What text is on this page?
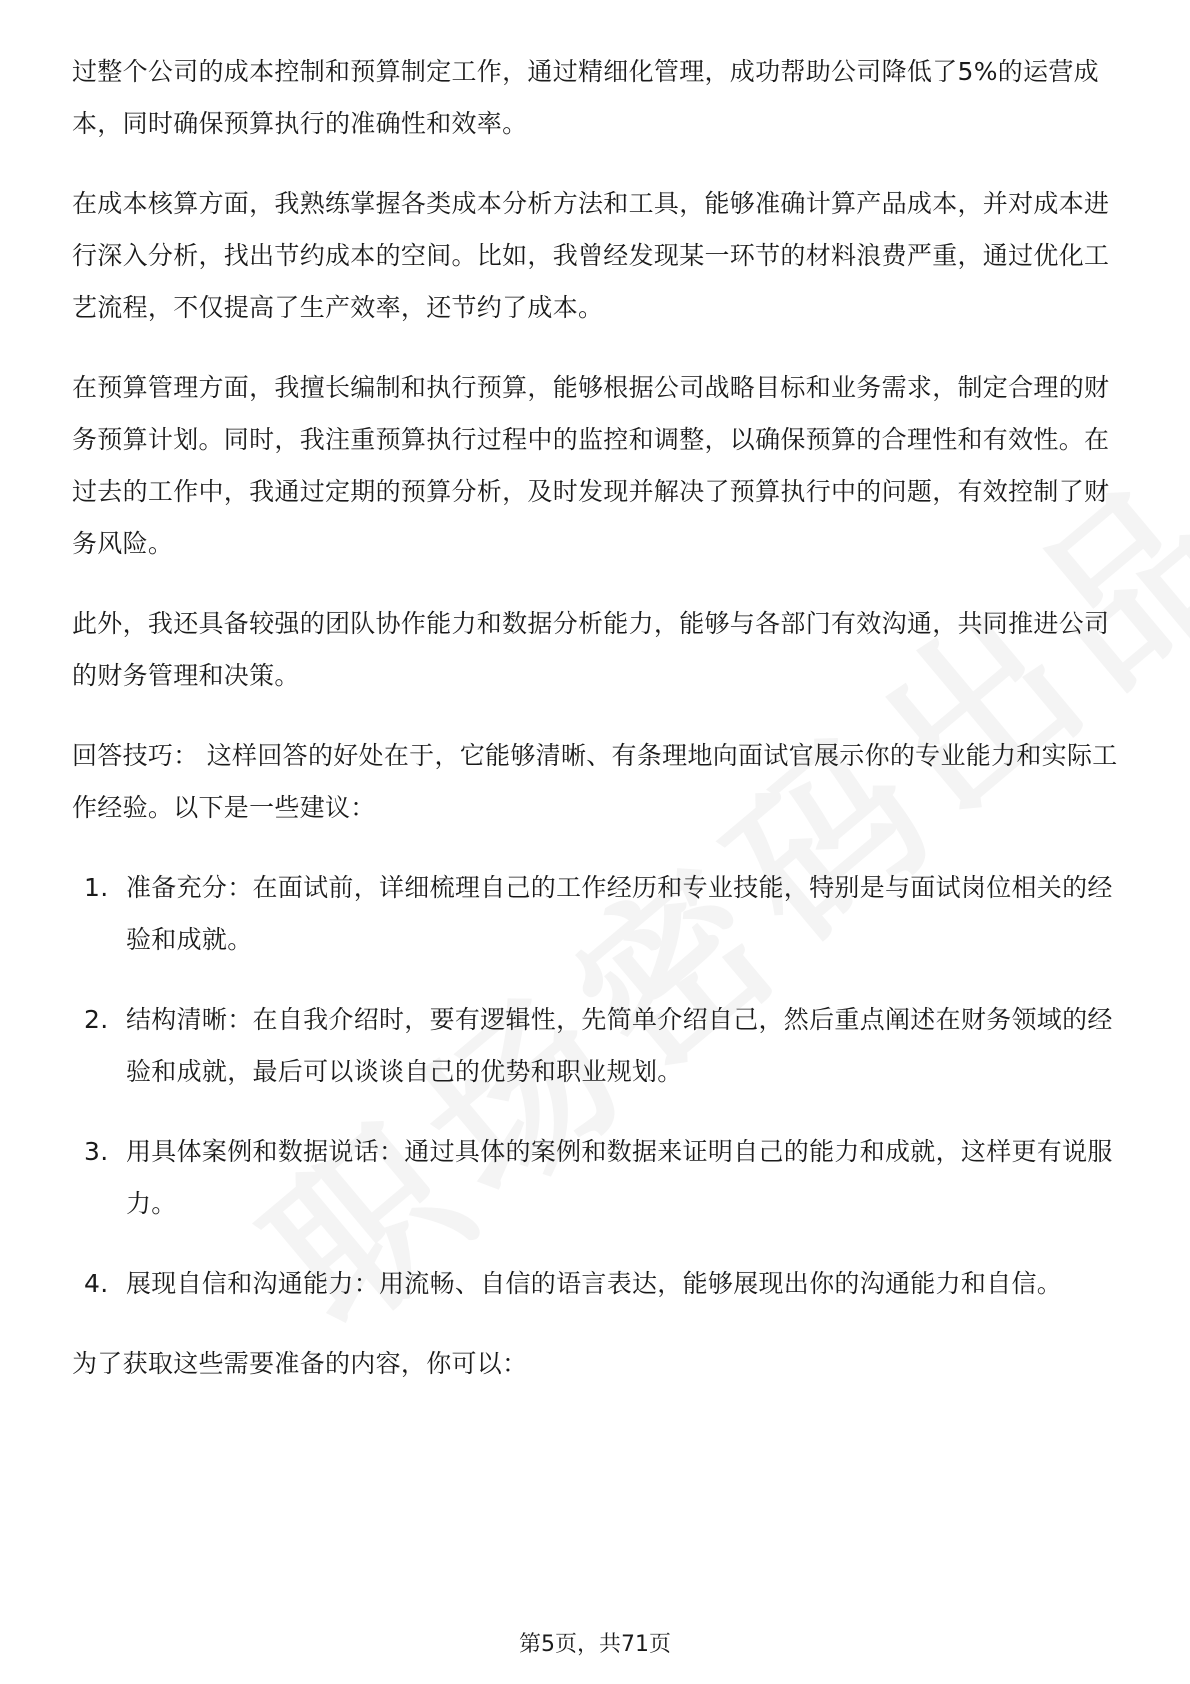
过整个公司的成本控制和预算制定工作，通过精细化管理，成功帮助公司降低了5%的运营成本，同时确保预算执行的准确性和效率。

在成本核算方面，我熟练掌握各类成本分析方法和工具，能够准确计算产品成本，并对成本进行深入分析，找出节约成本的空间。比如，我曾经发现某一环节的材料浪费严重，通过优化工艺流程，不仅提高了生产效率，还节约了成本。

在预算管理方面，我擅长编制和执行预算，能够根据公司战略目标和业务需求，制定合理的财务预算计划。同时，我注重预算执行过程中的监控和调整，以确保预算的合理性和有效性。在过去的工作中，我通过定期的预算分析，及时发现并解决了预算执行中的问题，有效控制了财务风险。

此外，我还具备较强的团队协作能力和数据分析能力，能够与各部门有效沟通，共同推进公司的财务管理和决策。

回答技巧： 这样回答的好处在于，它能够清晰、有条理地向面试官展示你的专业能力和实际工作经验。以下是一些建议：

1. 准备充分：在面试前，详细梳理自己的工作经历和专业技能，特别是与面试岗位相关的经验和成就。
2. 结构清晰：在自我介绍时，要有逻辑性，先简单介绍自己，然后重点阐述在财务领域的经验和成就，最后可以谈谈自己的优势和职业规划。
3. 用具体案例和数据说话：通过具体的案例和数据来证明自己的能力和成就，这样更有说服力。
4. 展现自信和沟通能力：用流畅、自信的语言表达，能够展现出你的沟通能力和自信。

为了获取这些需要准备的内容，你可以：

第5页，共71页
